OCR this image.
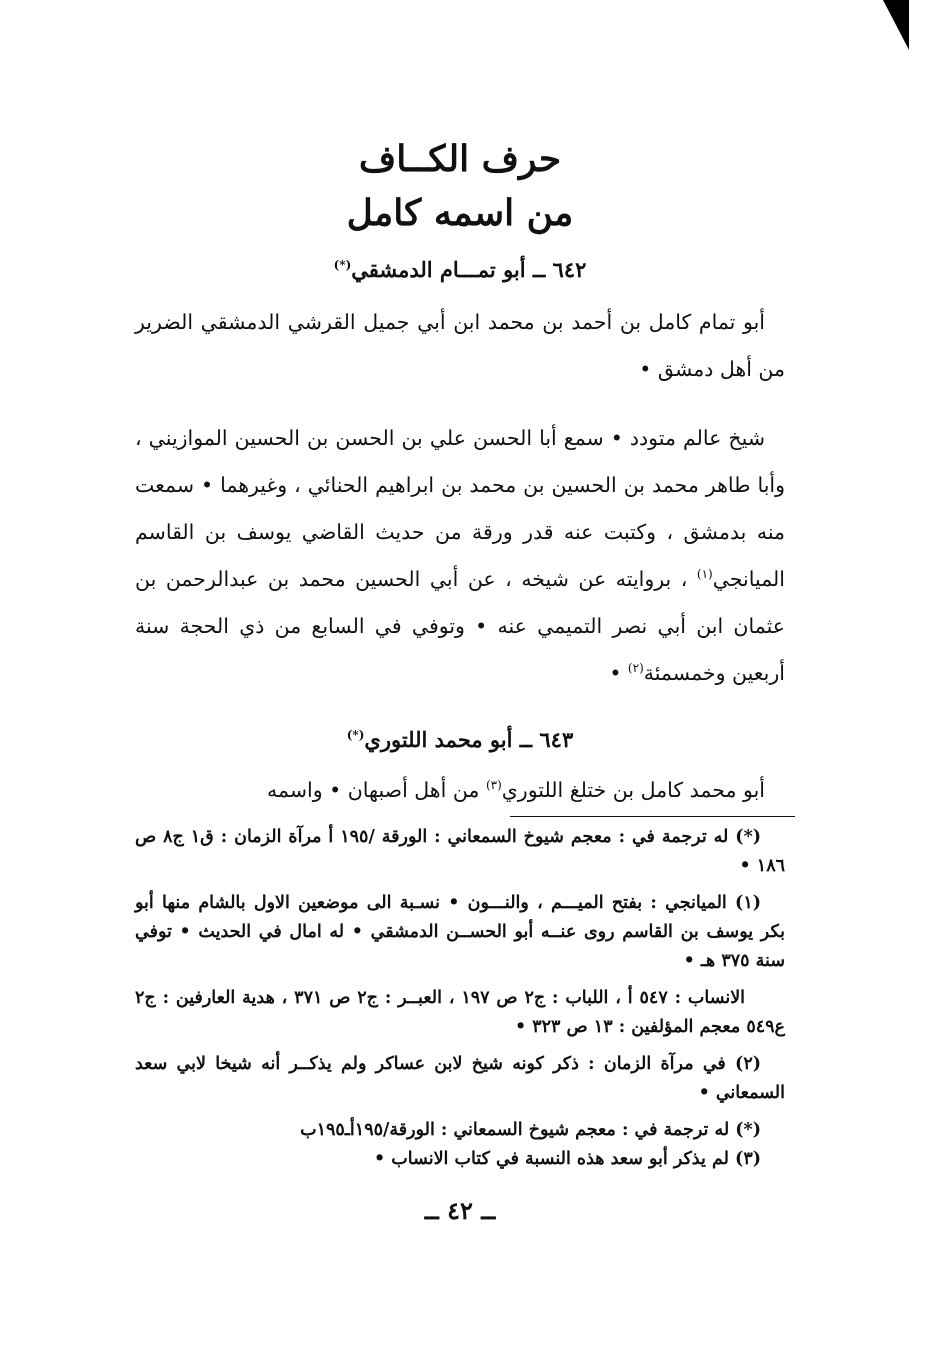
حرف الكــاف
من اسمه كامل

٦٤٢ ــ أبو تمـــام الدمشقي(*)

أبو تمام كامل بن أحمد بن محمد ابن أبي جميل القرشي الدمشقي الضرير من أهل دمشق •

شيخ عالم متودد • سمع أبا الحسن علي بن الحسن بن الحسين الموازيني ، وأبا طاهر محمد بن الحسين بن محمد بن ابراهيم الحنائي ، وغيرهما • سمعت منه بدمشق ، وكتبت عنه قدر ورقة من حديث القاضي يوسف بن القاسم الميانجي$^{(١)}$ ، بروايته عن شيخه ، عن أبي الحسين محمد بن عبدالرحمن بن عثمان ابن أبي نصر التميمي عنه • وتوفي في السابع من ذي الحجة سنة أربعين وخمسمئة$^{(٢)}$ •

٦٤٣ ــ أبو محمد اللتوري(*)

أبو محمد كامل بن ختلغ اللتوري$^{(٣)}$ من أهل أصبهان • واسمه

(*) له ترجمة في : معجم شيوخ السمعاني : الورقة /١٩٥ أ مرآة الزمان : ق١ ج٨ ص ١٨٦ •

(١) الميانجي : بفتح الميـــم ، والنـــون • نسـبة الى موضعين الاول بالشام منها أبو بكر يوسف بن القاسم روى عنــه أبو الحســن الدمشقي • له امال في الحديث • توفي سنة ٣٧٥ هـ •

الانساب : ٥٤٧ أ ، اللباب : ج٢ ص ١٩٧ ، العبــر : ج٢ ص ٣٧١ ، هدية العارفين : ج٢ ع٥٤٩ معجم المؤلفين : ١٣ ص ٣٢٣ •

(٢) في مرآة الزمان : ذكر كونه شيخ لابن عساكر ولم يذكــر أنه شيخا لابي سعد السمعاني •

(*) له ترجمة في : معجم شيوخ السمعاني : الورقة/١٩٥أـ١٩٥ب

(٣) لم يذكر أبو سعد هذه النسبة في كتاب الانساب •

ــ ٤٢ ــ
